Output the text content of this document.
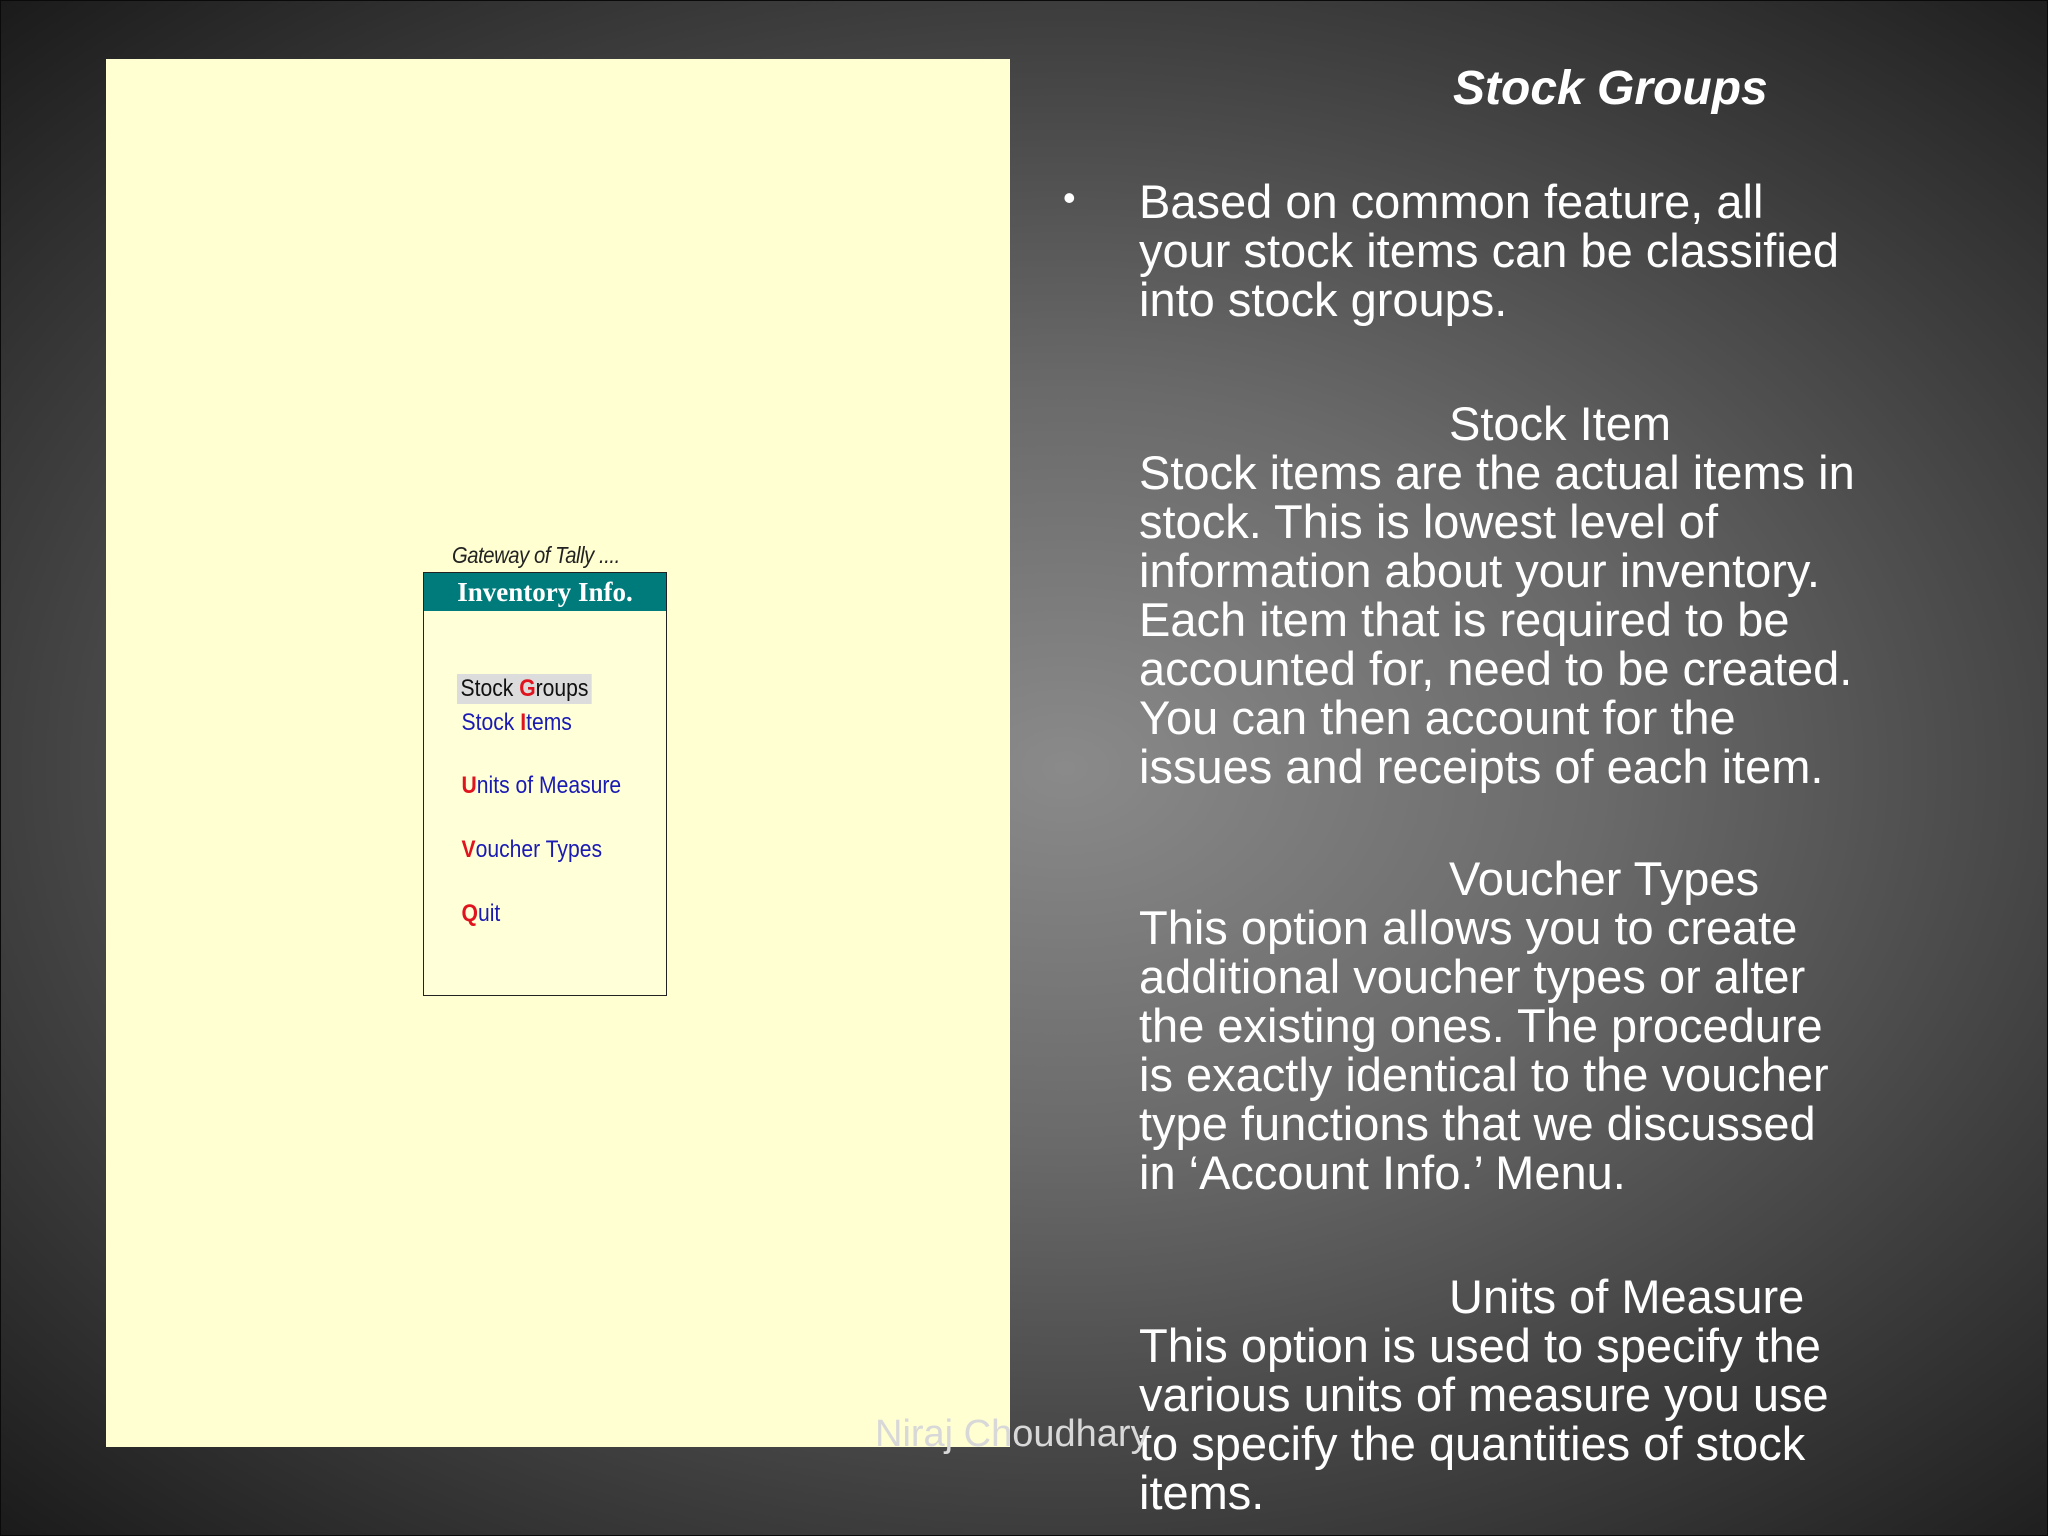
Gateway of Tally ....
Inventory Info.
Stock Groups
Stock Items
Units of Measure
Voucher Types
Quit
Stock Groups
• Based on common feature, all

your stock items can be classified

into stock groups.

Stock Item

Stock items are the actual items in

stock. This is lowest level of

information about your inventory.

Each item that is required to be

accounted for, need to be created.

You can then account for the

issues and receipts of each item.

Voucher Types

This option allows you to create

additional voucher types or alter

the existing ones. The procedure

is exactly identical to the voucher

type functions that we discussed

in ‘Account Info.’ Menu.

Units of Measure

This option is used to specify the

various units of measure you use

to specify the quantities of stock

items.

Niraj Choudhary
